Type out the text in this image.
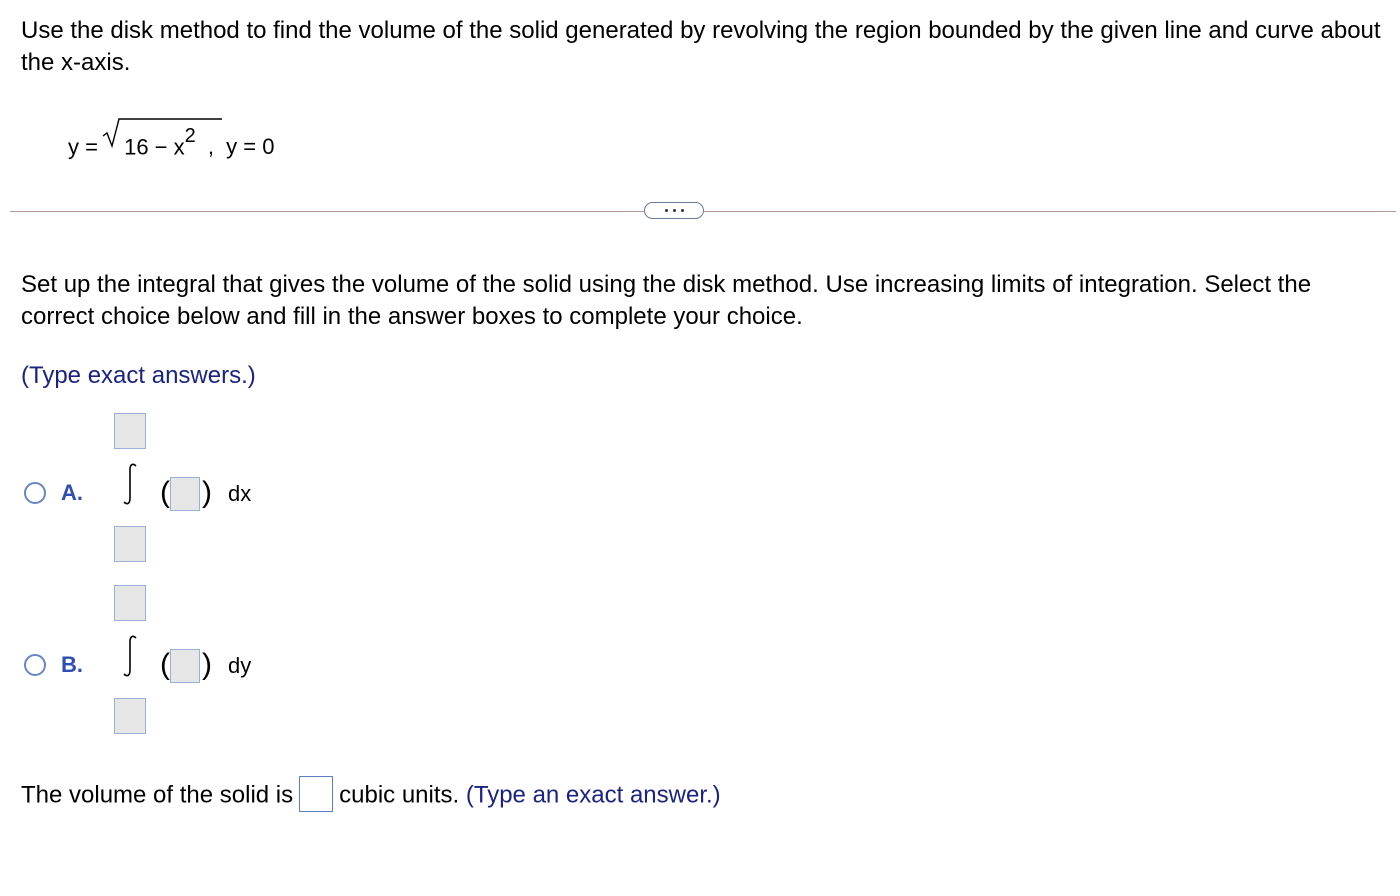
Use the disk method to find the volume of the solid generated by revolving the region bounded by the given line and curve about the x-axis.
$y = 16 - x^2$ , y = 0
Set up the integral that gives the volume of the solid using the disk method. Use increasing limits of integration. Select the correct choice below and fill in the answer boxes to complete your choice.
(Type exact answers.)
A.	( ) dx
B.	( ) dy
The volume of the solid is cubic units. (Type an exact answer.)
